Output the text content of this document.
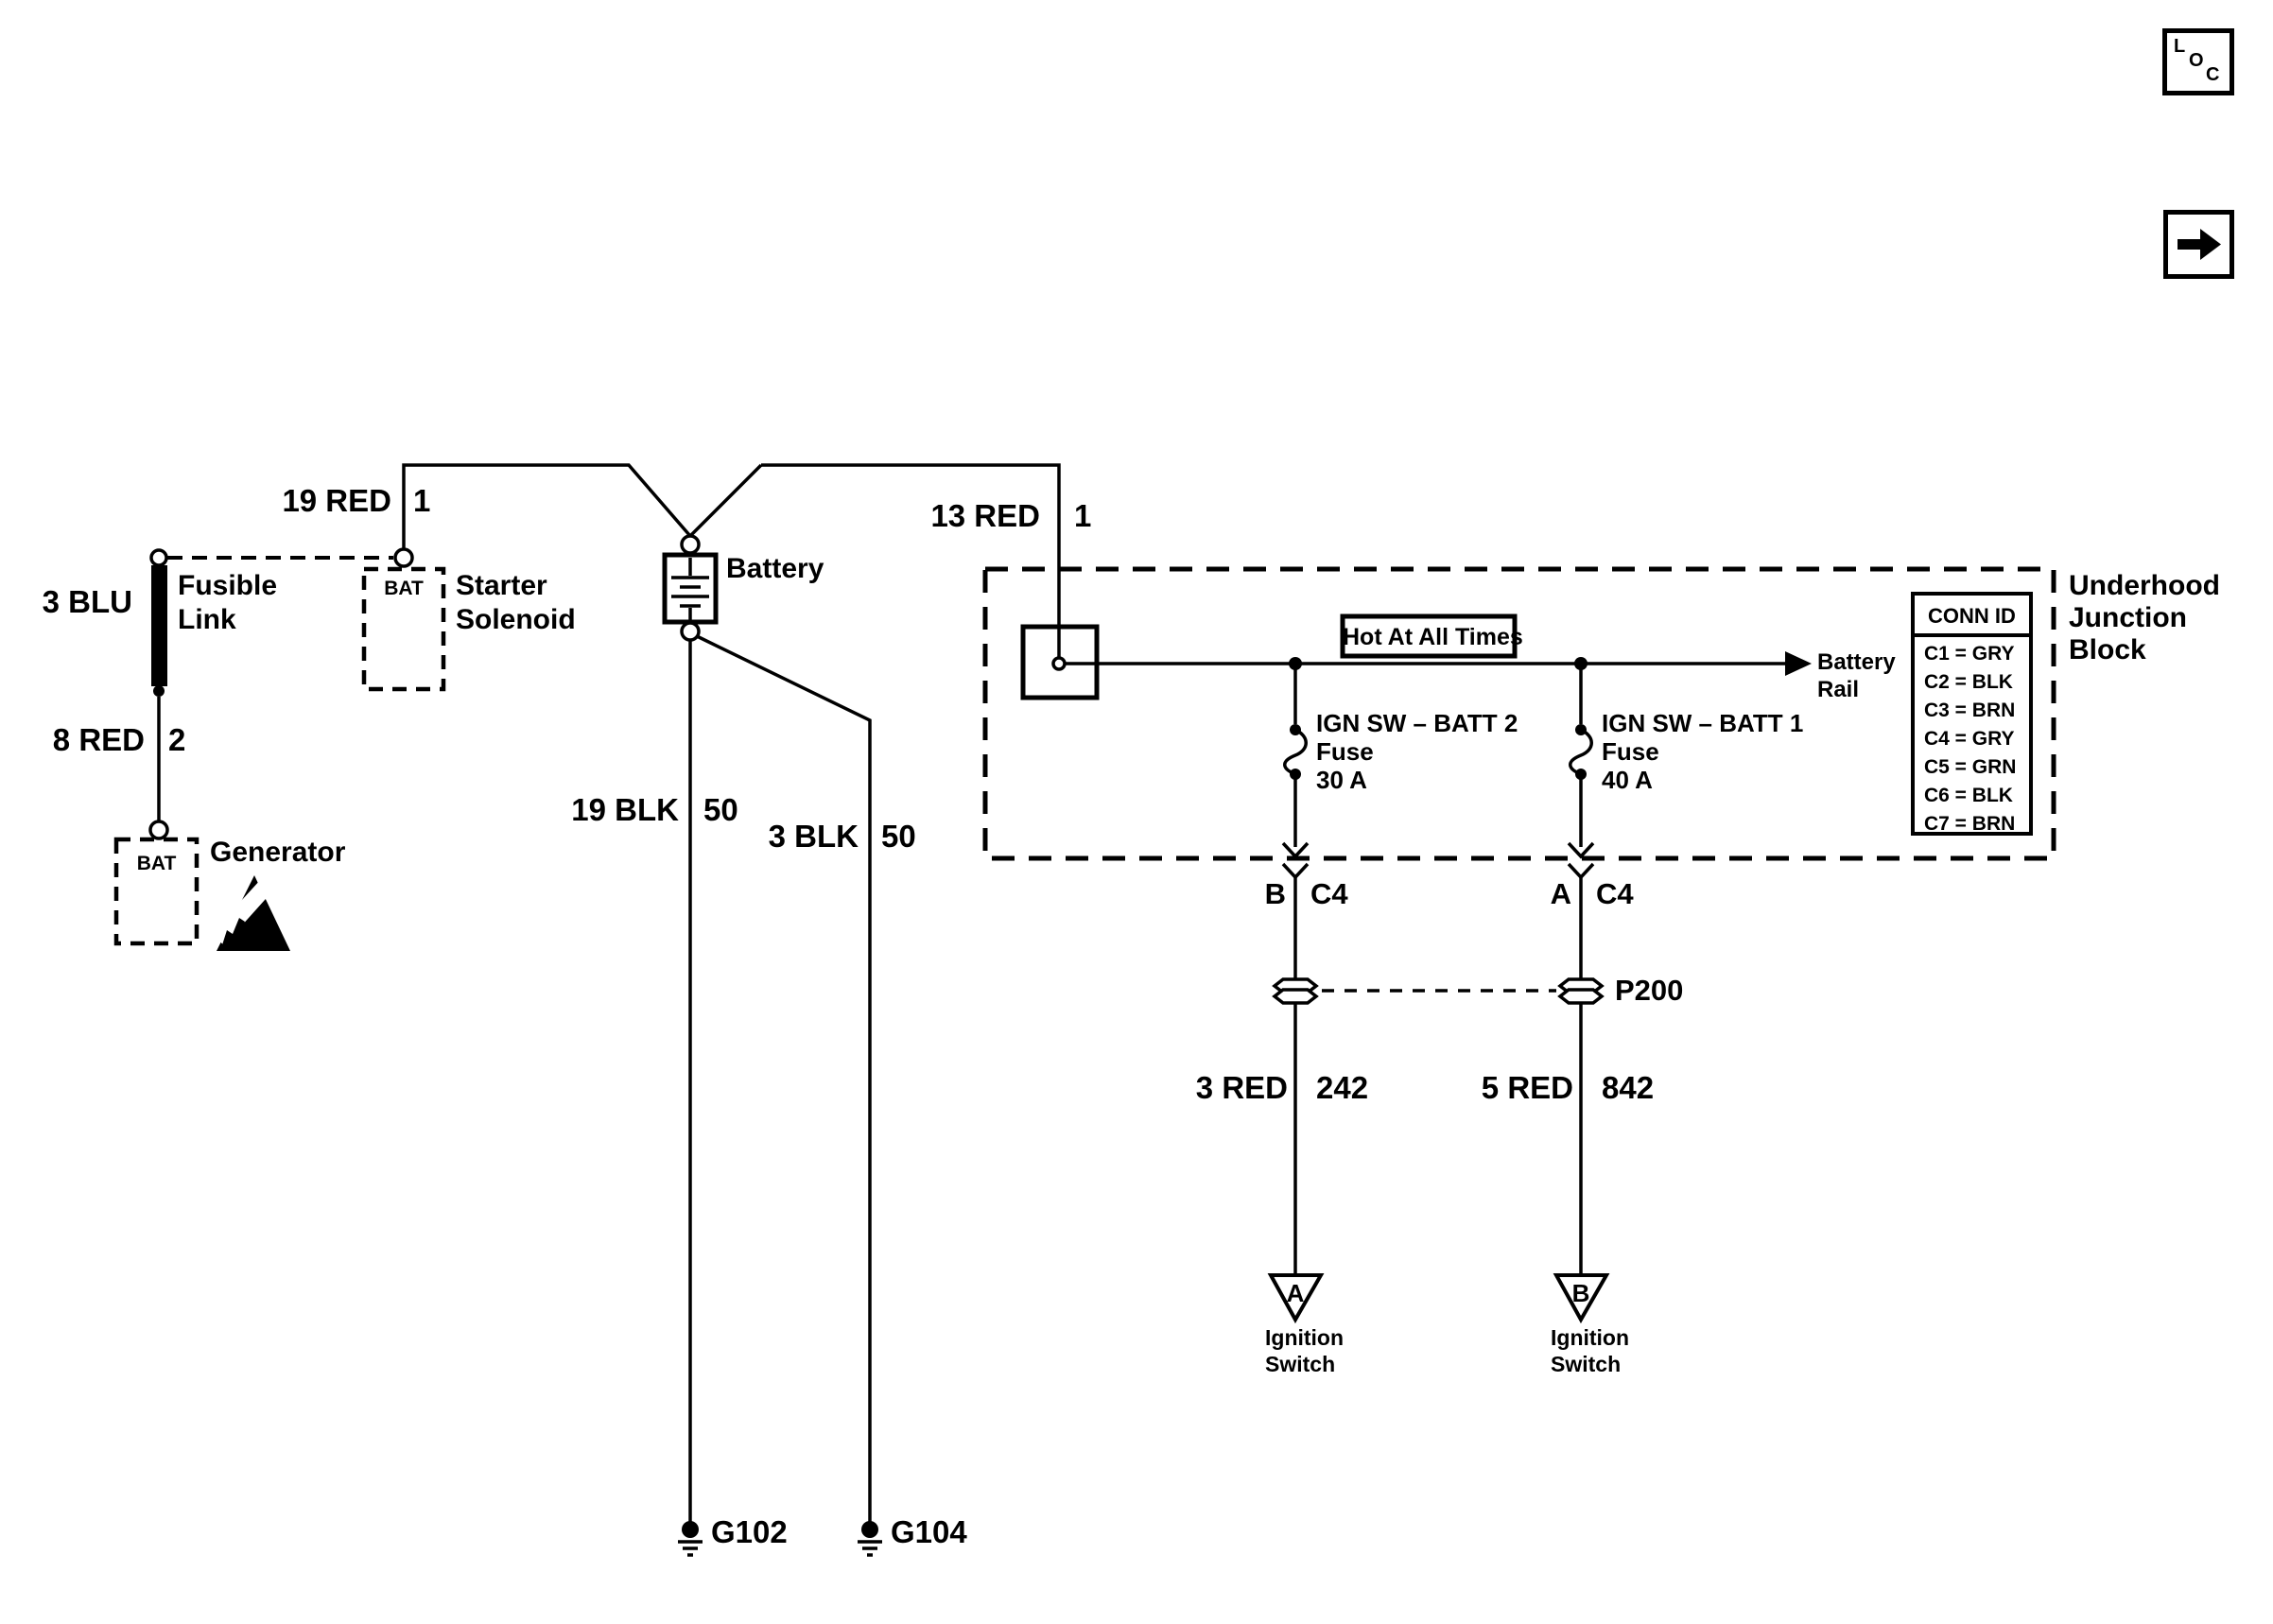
19 RED 1	13 RED 1
3 BLU Fusible
Link
8 RED 2
BAT	Generator
BAT	Starter
Solenoid
Battery
19 BLK 50
3 BLK 50
G102	G104
Hot At All Times
Battery
Rail
IGN SW – BATT 2
Fuse
30 A
IGN SW – BATT 1
Fuse
40 A
B C4	A C4
P200
3 RED 242	5 RED 842
A	B
Ignition
Switch
Ignition
Switch
Underhood
Junction
Block
CONN ID
C1 = GRY
C2 = BLK
C3 = BRN
C4 = GRY
C5 = GRN
C6 = BLK
C7 = BRN
L
O
C
